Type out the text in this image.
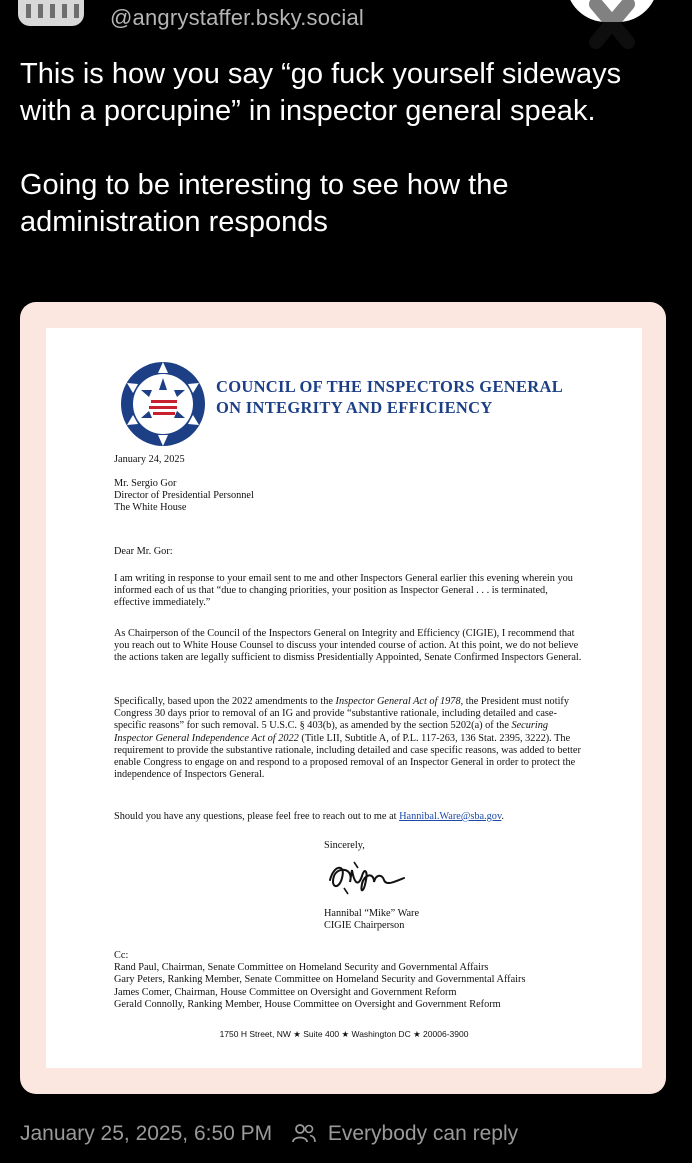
@angrystaffer.bsky.social

This is how you say “go fuck yourself sideways with a porcupine” in inspector general speak.

Going to be interesting to see how the administration responds

COUNCIL OF THE INSPECTORS GENERAL
ON INTEGRITY AND EFFICIENCY
January 24, 2025
Mr. Sergio Gor
Director of Presidential Personnel
The White House
Dear Mr. Gor:
I am writing in response to your email sent to me and other Inspectors General earlier this evening wherein you informed each of us that “due to changing priorities, your position as Inspector General . . . is terminated, effective immediately.”
As Chairperson of the Council of the Inspectors General on Integrity and Efficiency (CIGIE), I recommend that you reach out to White House Counsel to discuss your intended course of action. At this point, we do not believe the actions taken are legally sufficient to dismiss Presidentially Appointed, Senate Confirmed Inspectors General.
Specifically, based upon the 2022 amendments to the Inspector General Act of 1978, the President must notify Congress 30 days prior to removal of an IG and provide “substantive rationale, including detailed and case-specific reasons” for such removal. 5 U.S.C. § 403(b), as amended by the section 5202(a) of the Securing Inspector General Independence Act of 2022 (Title LII, Subtitle A, of P.L. 117-263, 136 Stat. 2395, 3222). The requirement to provide the substantive rationale, including detailed and case specific reasons, was added to better enable Congress to engage on and respond to a proposed removal of an Inspector General in order to protect the independence of Inspectors General.
Should you have any questions, please feel free to reach out to me at Hannibal.Ware@sba.gov.
Sincerely,
Hannibal “Mike” Ware
CIGIE Chairperson
Cc:
Rand Paul, Chairman, Senate Committee on Homeland Security and Governmental Affairs
Gary Peters, Ranking Member, Senate Committee on Homeland Security and Governmental Affairs
James Comer, Chairman, House Committee on Oversight and Government Reform
Gerald Connolly, Ranking Member, House Committee on Oversight and Government Reform
1750 H Street, NW ★ Suite 400 ★ Washington DC ★ 20006-3900
January 25, 2025, 6:50 PM	Everybody can reply
